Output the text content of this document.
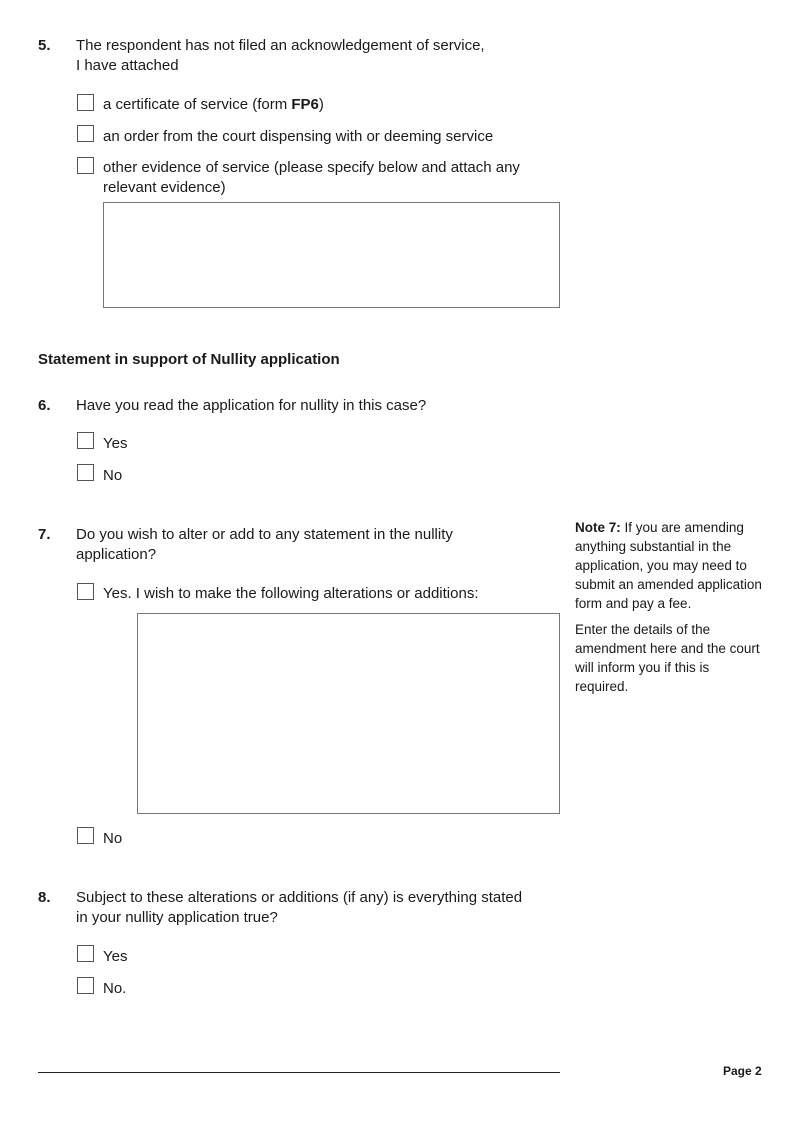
5. The respondent has not filed an acknowledgement of service,
I have attached
a certificate of service (form FP6)
an order from the court dispensing with or deeming service
other evidence of service (please specify below and attach any
relevant evidence)
Statement in support of Nullity application
6. Have you read the application for nullity in this case?
Yes
No
7. Do you wish to alter or add to any statement in the nullity
application?
Yes. I wish to make the following alterations or additions:
No
Note 7: If you are amending anything substantial in the application, you may need to submit an amended application form and pay a fee.
Enter the details of the amendment here and the court will inform you if this is required.
8. Subject to these alterations or additions (if any) is everything stated
in your nullity application true?
Yes
No.
Page 2
